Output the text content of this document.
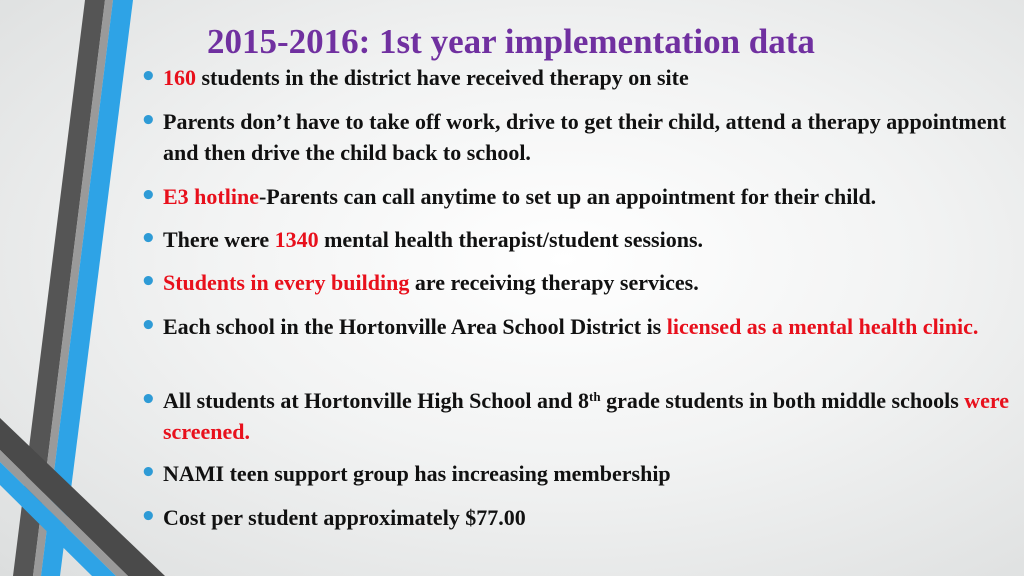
2015-2016: 1st year implementation data
• 160 students in the district have received therapy on site
• Parents don’t have to take off work, drive to get their child, attend a therapy appointment and then drive the child back to school.
• E3 hotline-Parents can call anytime to set up an appointment for their child.
• There were 1340 mental health therapist/student sessions.
• Students in every building are receiving therapy services.
• Each school in the Hortonville Area School District is licensed as a mental health clinic.
• All students at Hortonville High School and 8th grade students in both middle schools were screened.
• NAMI teen support group has increasing membership
• Cost per student approximately $77.00
